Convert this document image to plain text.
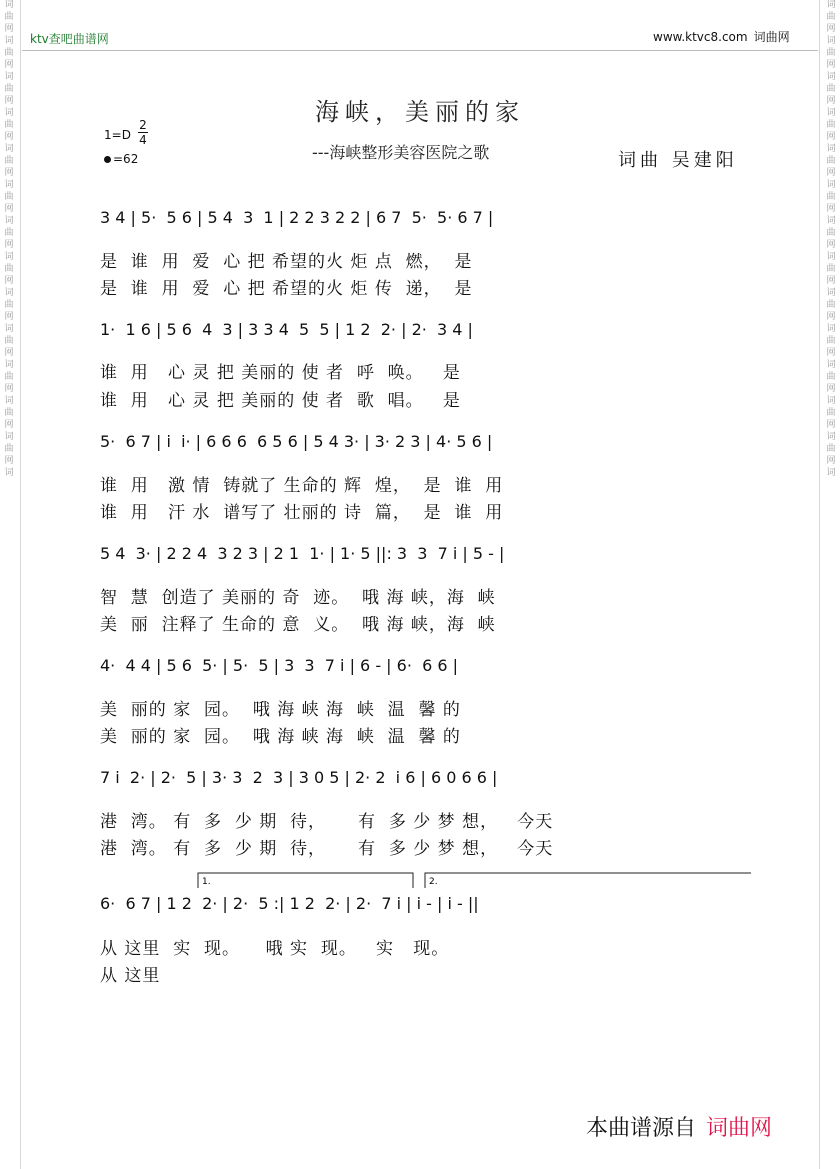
词
曲
网
词
曲
网
词
曲
网
词
曲
网
词
曲
网
词
曲
网
词
曲
网
词
曲
网
词
曲
网
词
曲
网
词
曲
网
词
曲
网
词
曲
网
词
词
曲
网
词
曲
网
词
曲
网
词
曲
网
词
曲
网
词
曲
网
词
曲
网
词
曲
网
词
曲
网
词
曲
网
词
曲
网
词
曲
网
词
曲
网
词
ktv查吧曲谱网	www.ktvc8.com 词曲网
海峡，美丽的家
---海峡整形美容医院之歌	词曲 吴建阳
1=D
2
4
=62
3 4 | 5·  5 6 | 5 4  3  1 | 2 2 3 2 2 | 6 7  5·  5· 6 7 |
是  谁  用  爱  心 把 希望的火 炬 点  燃，  是
是  谁  用  爱  心 把 希望的火 炬 传  递，  是
1·  1 6 | 5 6  4  3 | 3 3 4  5  5 | 1 2  2· | 2·  3 4 |
谁  用   心 灵 把 美丽的 使 者  呼  唤。   是
谁  用   心 灵 把 美丽的 使 者  歌  唱。   是
5·  6 7 | i  i· | 6 6 6  6 5 6 | 5 4 3· | 3· 2 3 | 4· 5 6 |
谁  用   激 情  铸就了 生命的 辉  煌，  是  谁  用
谁  用   汗 水  谱写了 壮丽的 诗  篇，  是  谁  用
5 4  3· | 2 2 4  3 2 3 | 2 1  1· | 1· 5 ||: 3  3  7 i | 5 - |
智  慧  创造了 美丽的 奇  迹。  哦 海 峡，海  峡
美  丽  注释了 生命的 意  义。  哦 海 峡，海  峡
4·  4 4 | 5 6  5· | 5·  5 | 3  3  7 i | 6 - | 6·  6 6 |
美  丽的 家  园。  哦 海 峡 海  峡  温  馨 的
美  丽的 家  园。  哦 海 峡 海  峡  温  馨 的
7 i  2· | 2·  5 | 3· 3  2  3 | 3 0 5 | 2· 2  i 6 | 6 0 6 6 |
港  湾。 有  多  少 期  待，     有  多 少 梦 想，   今天
港  湾。 有  多  少 期  待，     有  多 少 梦 想，   今天
1.	2.
6·  6 7 | 1 2  2· | 2·  5 :| 1 2  2· | 2·  7 i | i - | i - ||
从 这里  实  现。    哦 实  现。   实   现。
从 这里
本曲谱源自 词曲网
